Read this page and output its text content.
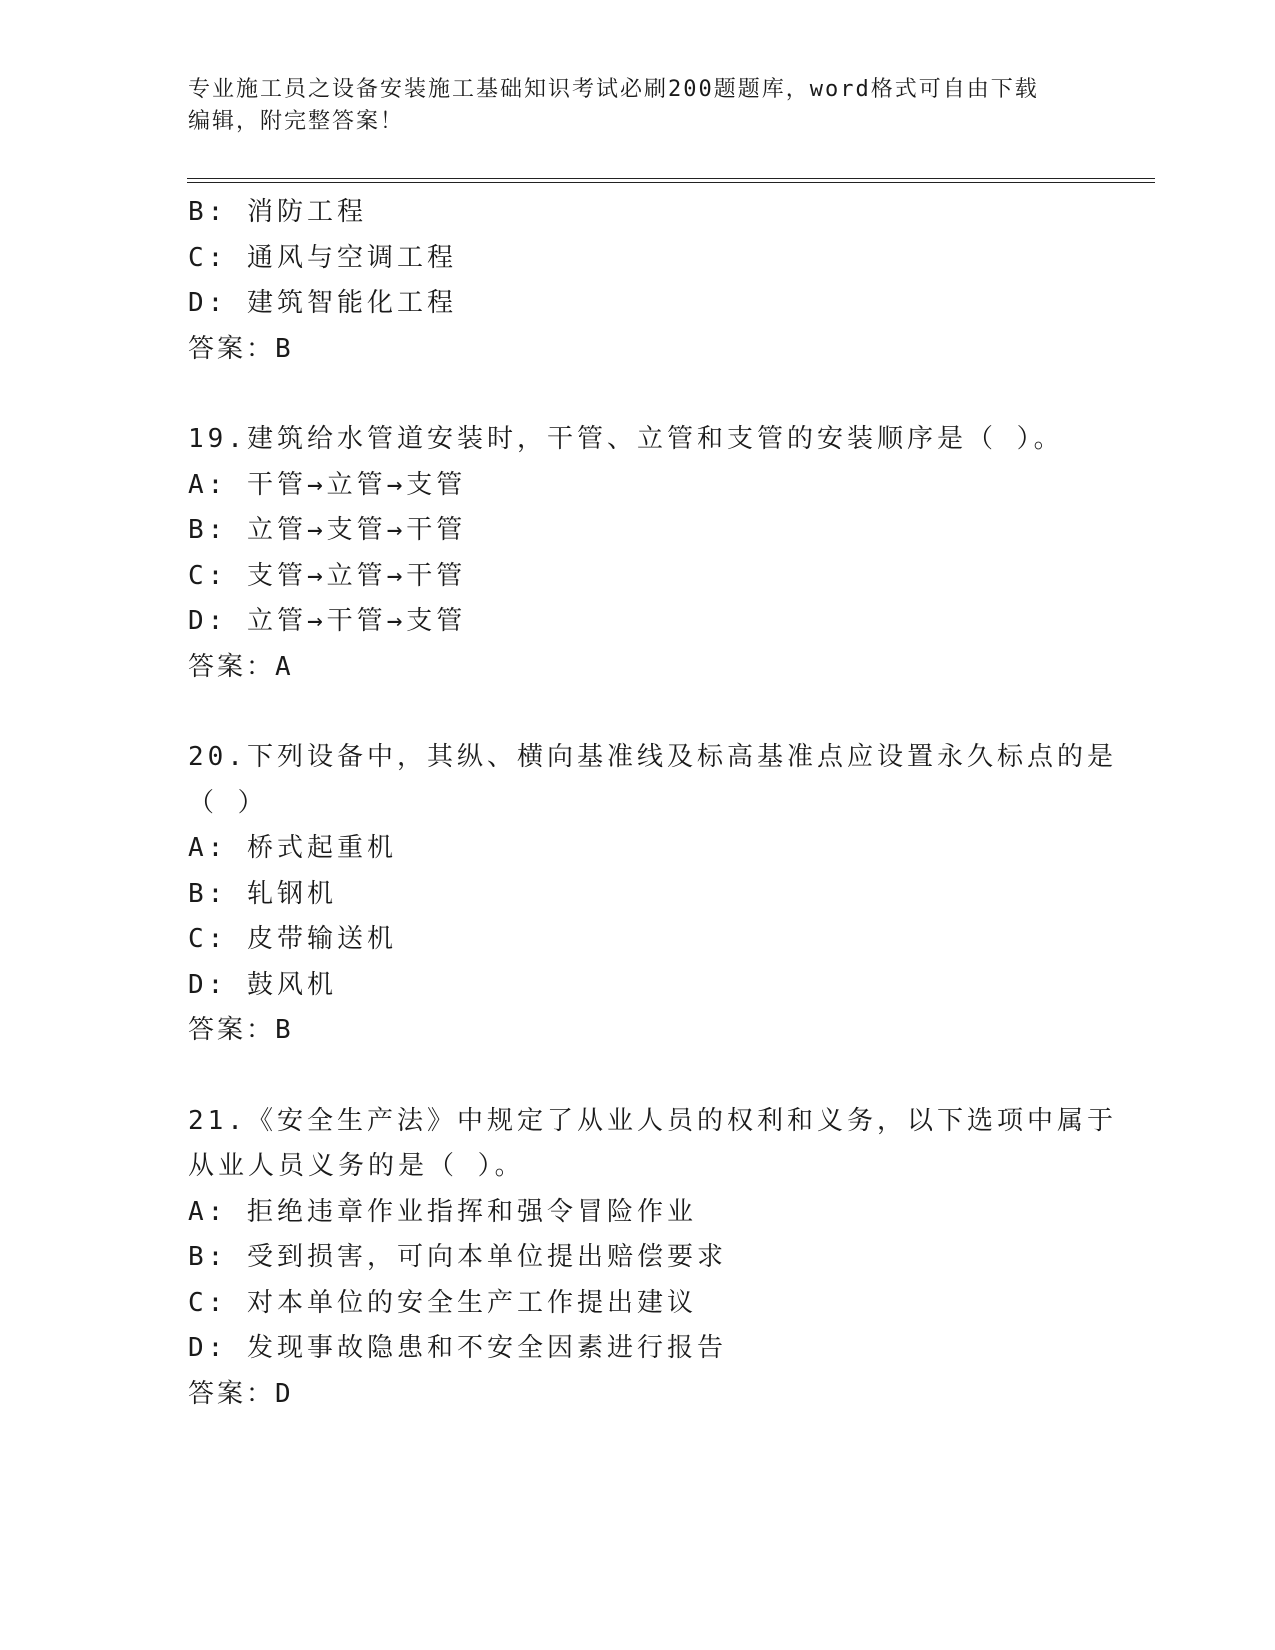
专业施工员之设备安装施工基础知识考试必刷200题题库，word格式可自由下载
编辑，附完整答案！
B: 消防工程
C: 通风与空调工程
D: 建筑智能化工程
答案：B
19.建筑给水管道安装时，干管、立管和支管的安装顺序是（ ）。
A: 干管→立管→支管
B: 立管→支管→干管
C: 支管→立管→干管
D: 立管→干管→支管
答案：A
20.下列设备中，其纵、横向基准线及标高基准点应设置永久标点的是
（ ）
A: 桥式起重机
B: 轧钢机
C: 皮带输送机
D: 鼓风机
答案：B
21.《安全生产法》中规定了从业人员的权利和义务，以下选项中属于
从业人员义务的是（ ）。
A: 拒绝违章作业指挥和强令冒险作业
B: 受到损害，可向本单位提出赔偿要求
C: 对本单位的安全生产工作提出建议
D: 发现事故隐患和不安全因素进行报告
答案：D
